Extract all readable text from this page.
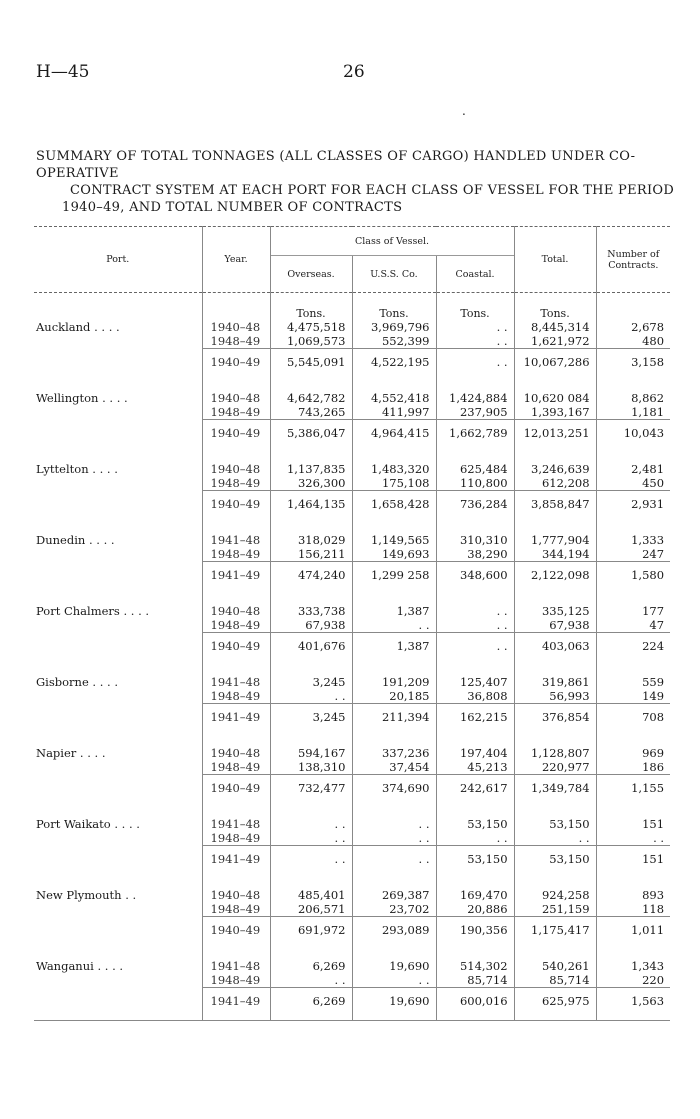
H—45	26
.
SUMMARY OF TOTAL TONNAGES (ALL CLASSES OF CARGO) HANDLED UNDER CO-OPERATIVE
CONTRACT SYSTEM AT EACH PORT FOR EACH CLASS OF VESSEL FOR THE PERIOD
1940–49, AND TOTAL NUMBER OF CONTRACTS
Port.	Year.	Class of Vessel.			Total.	Number of Contracts.
		Overseas.	U.S.S. Co.	Coastal.		
		Tons.	Tons.	Tons.	Tons.	
Auckland . . . .	1940–48	4,475,518	3,969,796	. .	8,445,314	2,678
	1948–49	1,069,573	552,399	. .	1,621,972	480
	1940–49	5,545,091	4,522,195	. .	10,067,286	3,158
Wellington . . . .	1940–48	4,642,782	4,552,418	1,424,884	10,620 084	8,862
	1948–49	743,265	411,997	237,905	1,393,167	1,181
	1940–49	5,386,047	4,964,415	1,662,789	12,013,251	10,043
Lyttelton . . . .	1940–48	1,137,835	1,483,320	625,484	3,246,639	2,481
	1948–49	326,300	175,108	110,800	612,208	450
	1940–49	1,464,135	1,658,428	736,284	3,858,847	2,931
Dunedin . . . .	1941–48	318,029	1,149,565	310,310	1,777,904	1,333
	1948–49	156,211	149,693	38,290	344,194	247
	1941–49	474,240	1,299 258	348,600	2,122,098	1,580
Port Chalmers . . . .	1940–48	333,738	1,387	. .	335,125	177
	1948–49	67,938	. .	. .	67,938	47
	1940–49	401,676	1,387	. .	403,063	224
Gisborne . . . .	1941–48	3,245	191,209	125,407	319,861	559
	1948–49	. .	20,185	36,808	56,993	149
	1941–49	3,245	211,394	162,215	376,854	708
Napier . . . .	1940–48	594,167	337,236	197,404	1,128,807	969
	1948–49	138,310	37,454	45,213	220,977	186
	1940–49	732,477	374,690	242,617	1,349,784	1,155
Port Waikato . . . .	1941–48	. .	. .	53,150	53,150	151
	1948–49	. .	. .	. .	. .	. .
	1941–49	. .	. .	53,150	53,150	151
New Plymouth . .	1940–48	485,401	269,387	169,470	924,258	893
	1948–49	206,571	23,702	20,886	251,159	118
	1940–49	691,972	293,089	190,356	1,175,417	1,011
Wanganui . . . .	1941–48	6,269	19,690	514,302	540,261	1,343
	1948–49	. .	. .	85,714	85,714	220
	1941–49	6,269	19,690	600,016	625,975	1,563
